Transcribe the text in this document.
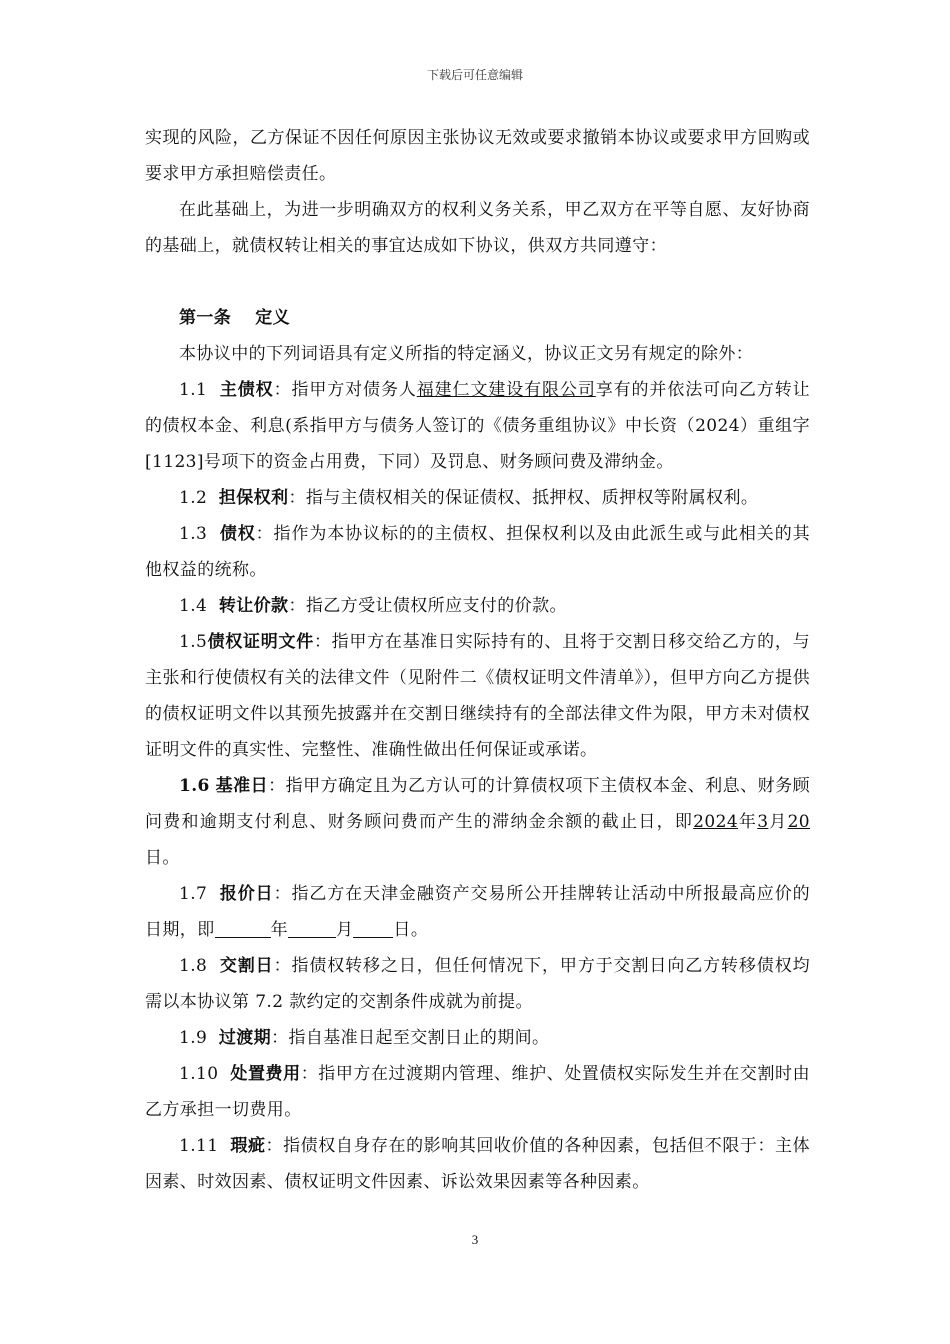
下载后可任意编辑

实现的风险，乙方保证不因任何原因主张协议无效或要求撤销本协议或要求甲方回购或要求甲方承担赔偿责任。

在此基础上，为进一步明确双方的权利义务关系，甲乙双方在平等自愿、友好协商的基础上，就债权转让相关的事宜达成如下协议，供双方共同遵守：

第一条 定义

本协议中的下列词语具有定义所指的特定涵义，协议正文另有规定的除外：

1.1 主债权：指甲方对债务人福建仁文建设有限公司享有的并依法可向乙方转让的债权本金、利息(系指甲方与债务人签订的《债务重组协议》中长资（2024）重组字[1123]号项下的资金占用费，下同）及罚息、财务顾问费及滞纳金。

1.2 担保权利：指与主债权相关的保证债权、抵押权、质押权等附属权利。

1.3 债权：指作为本协议标的的主债权、担保权利以及由此派生或与此相关的其他权益的统称。

1.4 转让价款：指乙方受让债权所应支付的价款。

1.5债权证明文件：指甲方在基准日实际持有的、且将于交割日移交给乙方的，与主张和行使债权有关的法律文件（见附件二《债权证明文件清单》），但甲方向乙方提供的债权证明文件以其预先披露并在交割日继续持有的全部法律文件为限，甲方未对债权证明文件的真实性、完整性、准确性做出任何保证或承诺。

1.6 基准日：指甲方确定且为乙方认可的计算债权项下主债权本金、利息、财务顾问费和逾期支付利息、财务顾问费而产生的滞纳金余额的截止日，即2024年3月20日。

1.7 报价日：指乙方在天津金融资产交易所公开挂牌转让活动中所报最高应价的日期，即	年	月 日。

1.8 交割日：指债权转移之日，但任何情况下，甲方于交割日向乙方转移债权均需以本协议第 7.2 款约定的交割条件成就为前提。

1.9 过渡期：指自基准日起至交割日止的期间。

1.10 处置费用：指甲方在过渡期内管理、维护、处置债权实际发生并在交割时由乙方承担一切费用。

1.11 瑕疵：指债权自身存在的影响其回收价值的各种因素，包括但不限于：主体因素、时效因素、债权证明文件因素、诉讼效果因素等各种因素。

3
